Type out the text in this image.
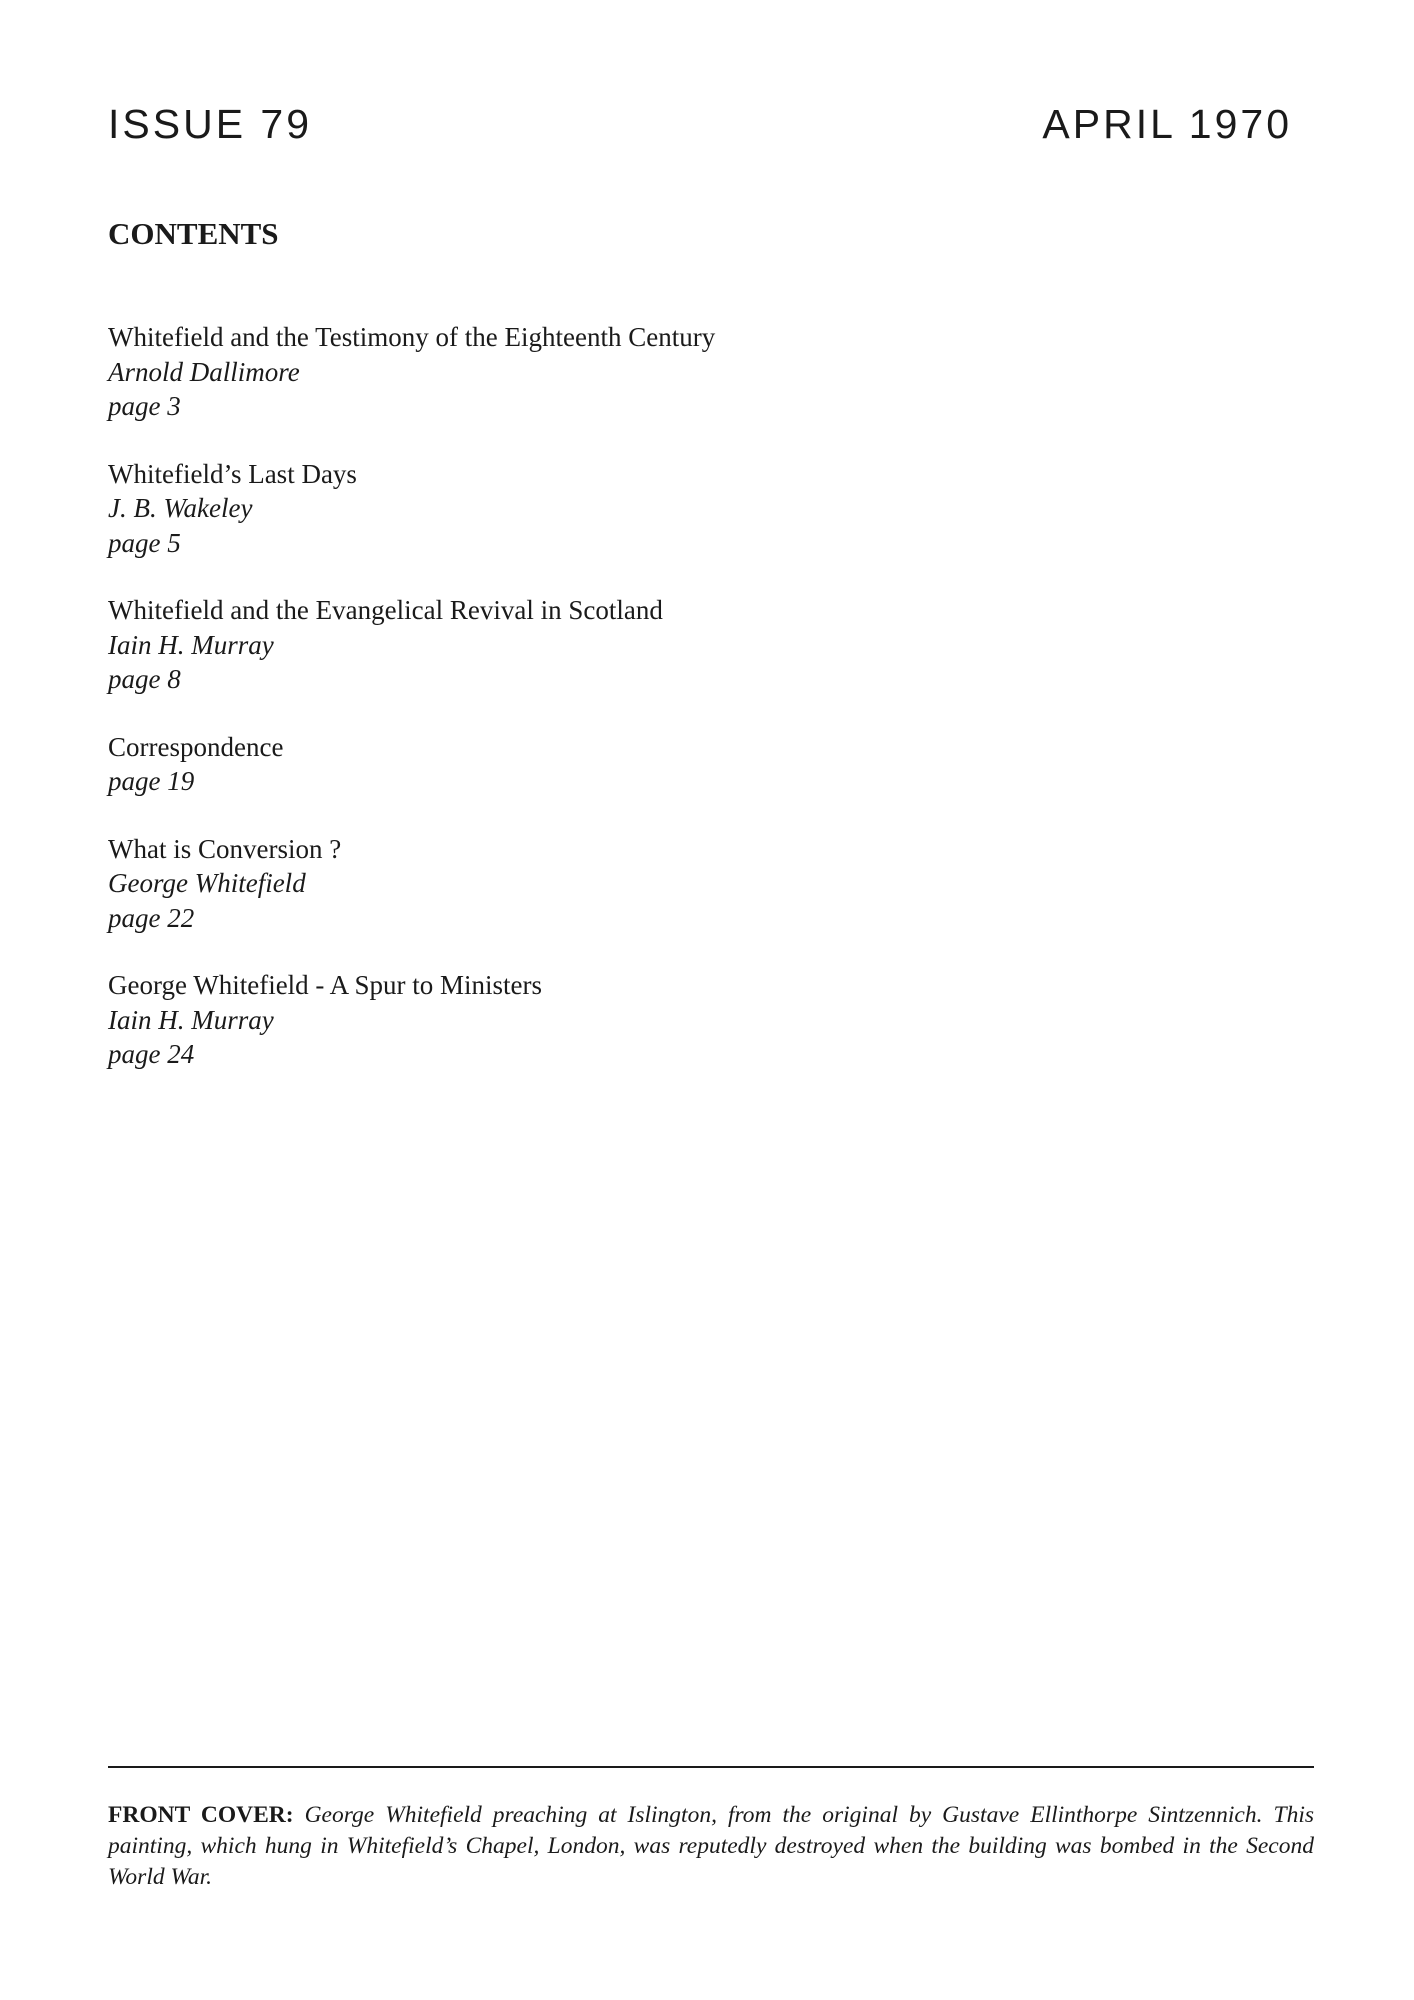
ISSUE 79	APRIL 1970
CONTENTS
Whitefield and the Testimony of the Eighteenth Century
Arnold Dallimore
page 3
Whitefield’s Last Days
J. B. Wakeley
page 5
Whitefield and the Evangelical Revival in Scotland
Iain H. Murray
page 8
Correspondence
page 19
What is Conversion ?
George Whitefield
page 22
George Whitefield - A Spur to Ministers
Iain H. Murray
page 24
FRONT COVER: George Whitefield preaching at Islington, from the original by Gustave Ellinthorpe Sintzennich. This painting, which hung in Whitefield’s Chapel, London, was reputedly destroyed when the building was bombed in the Second World War.
